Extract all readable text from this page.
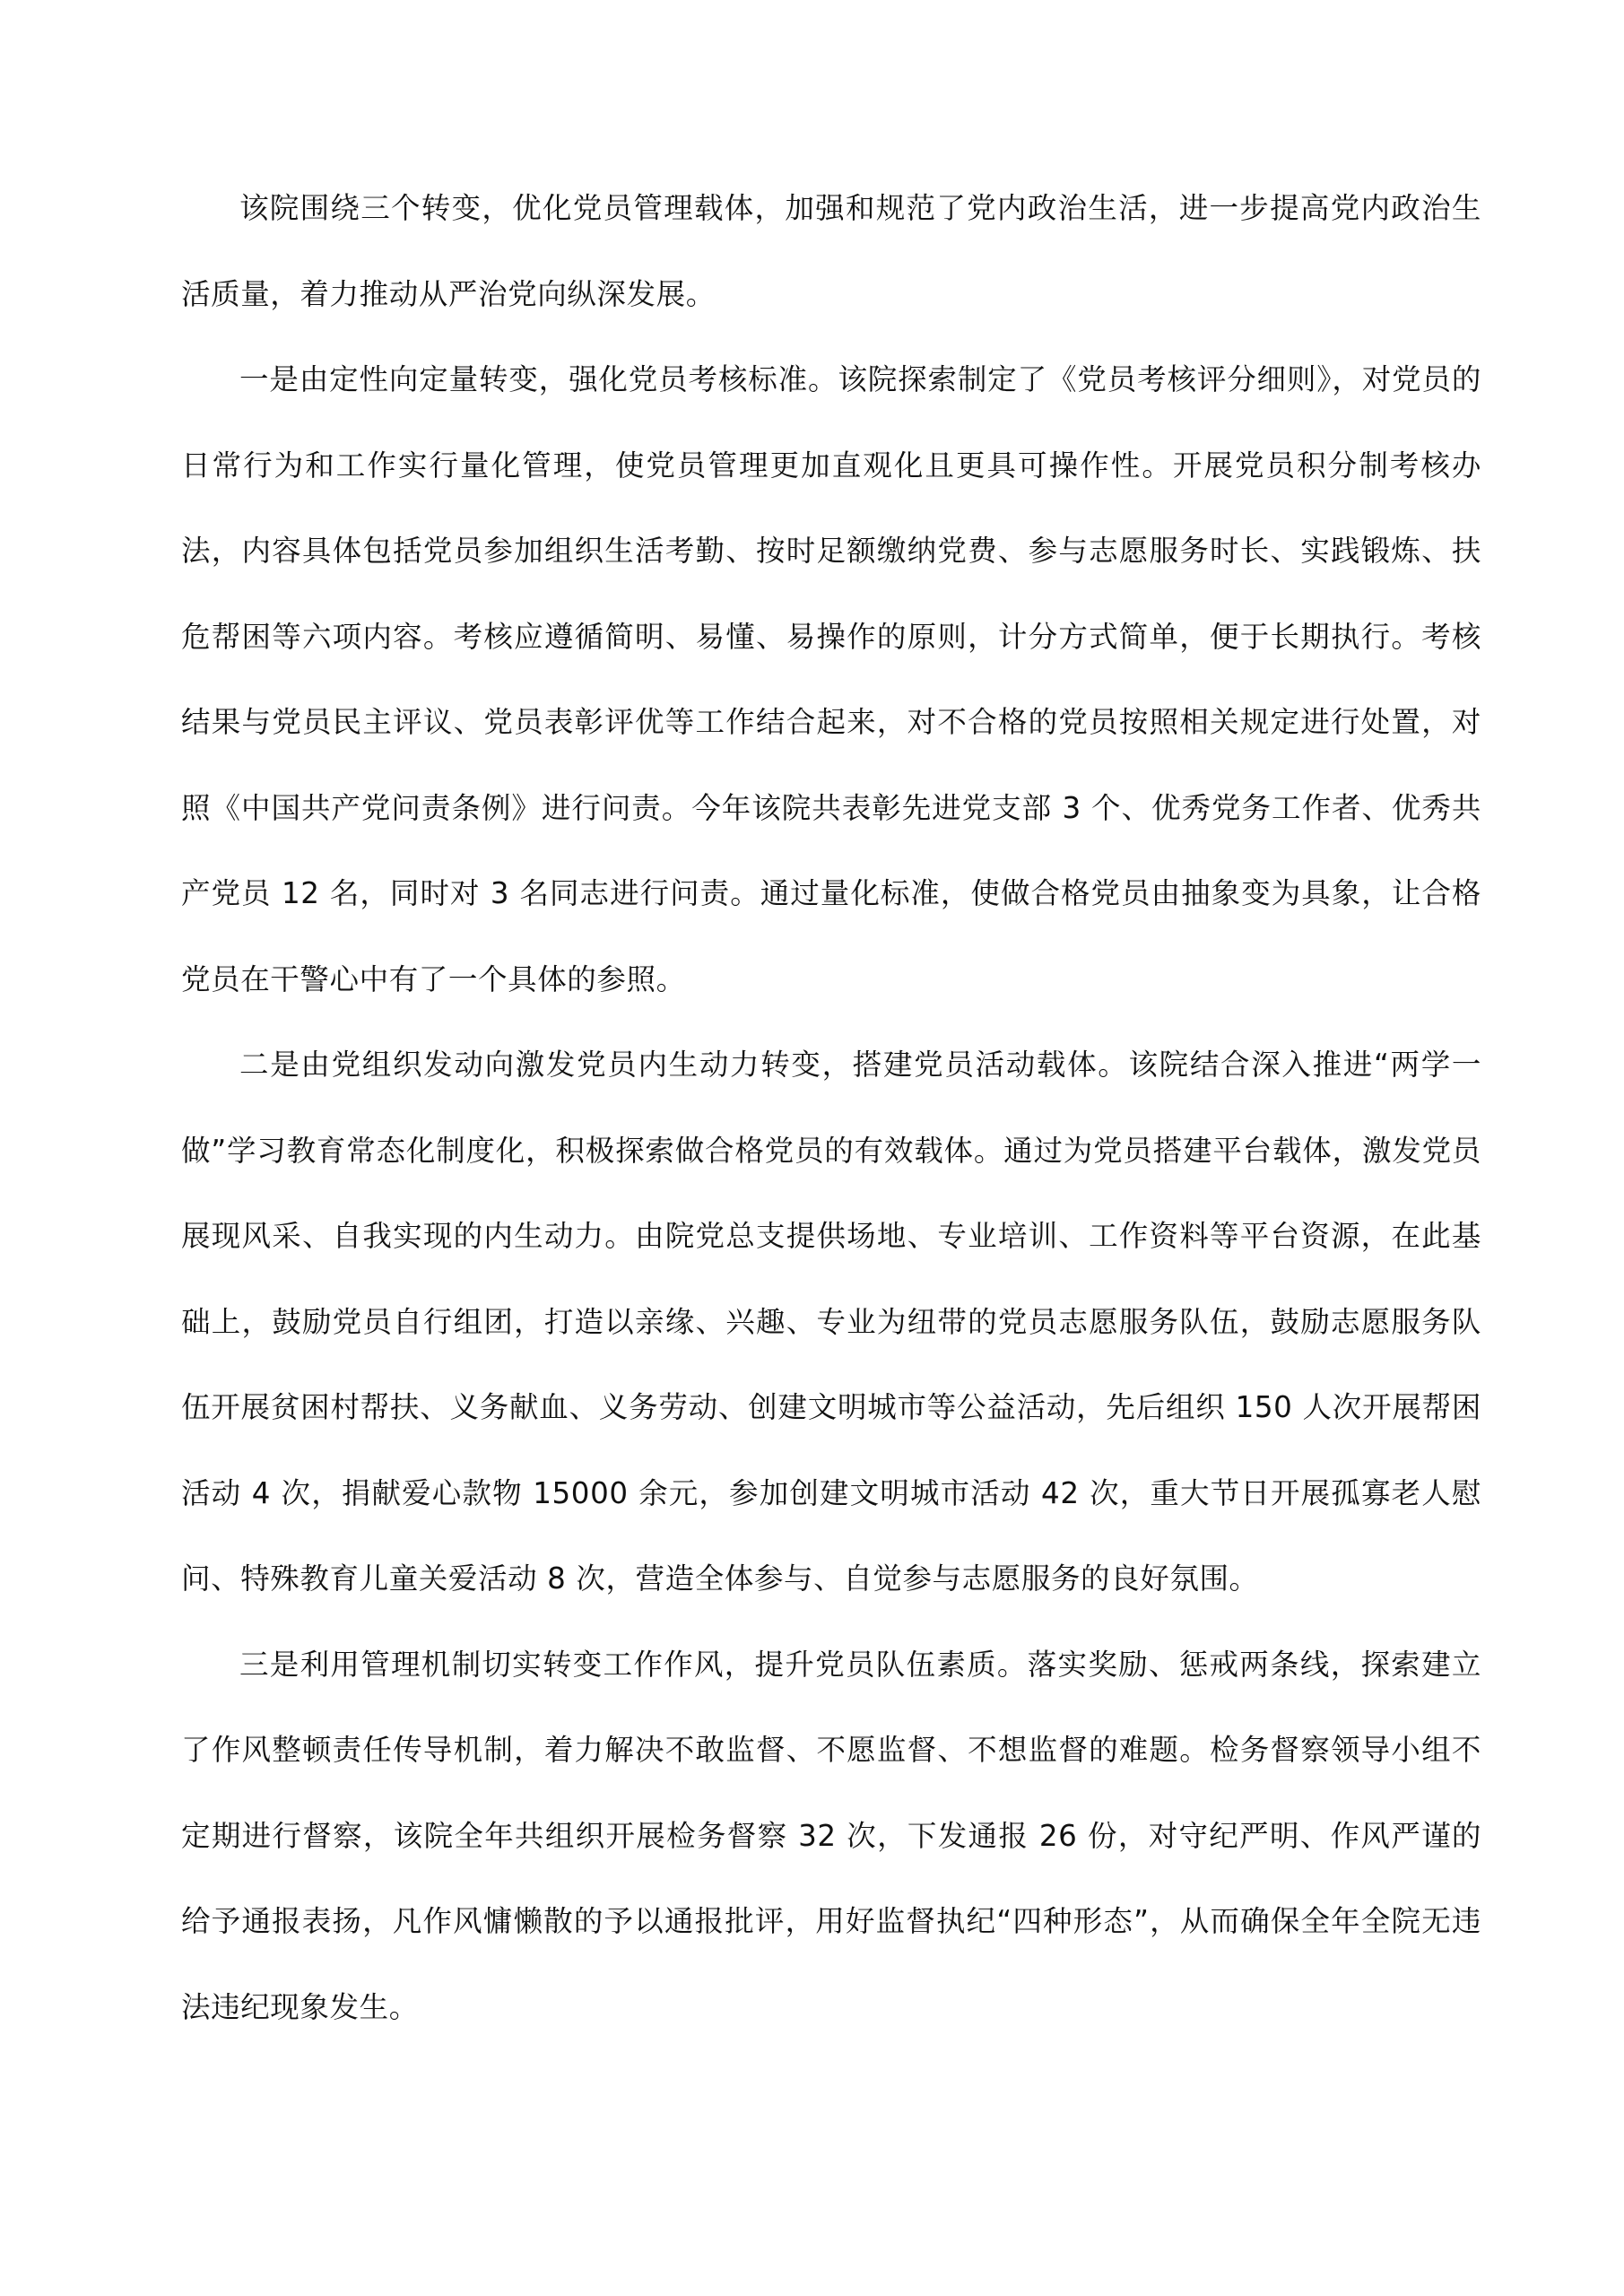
该院围绕三个转变，优化党员管理载体，加强和规范了党内政治生活，进一步提高党内政治生活质量，着力推动从严治党向纵深发展。

一是由定性向定量转变，强化党员考核标准。该院探索制定了《党员考核评分细则》，对党员的日常行为和工作实行量化管理，使党员管理更加直观化且更具可操作性。开展党员积分制考核办法，内容具体包括党员参加组织生活考勤、按时足额缴纳党费、参与志愿服务时长、实践锻炼、扶危帮困等六项内容。考核应遵循简明、易懂、易操作的原则，计分方式简单，便于长期执行。考核结果与党员民主评议、党员表彰评优等工作结合起来，对不合格的党员按照相关规定进行处置，对照《中国共产党问责条例》进行问责。今年该院共表彰先进党支部 3 个、优秀党务工作者、优秀共产党员 12 名，同时对 3 名同志进行问责。通过量化标准，使做合格党员由抽象变为具象，让合格党员在干警心中有了一个具体的参照。

二是由党组织发动向激发党员内生动力转变，搭建党员活动载体。该院结合深入推进“两学一做”学习教育常态化制度化，积极探索做合格党员的有效载体。通过为党员搭建平台载体，激发党员展现风采、自我实现的内生动力。由院党总支提供场地、专业培训、工作资料等平台资源，在此基础上，鼓励党员自行组团，打造以亲缘、兴趣、专业为纽带的党员志愿服务队伍，鼓励志愿服务队伍开展贫困村帮扶、义务献血、义务劳动、创建文明城市等公益活动，先后组织 150 人次开展帮困活动 4 次，捐献爱心款物 15000 余元，参加创建文明城市活动 42 次，重大节日开展孤寡老人慰问、特殊教育儿童关爱活动 8 次，营造全体参与、自觉参与志愿服务的良好氛围。

三是利用管理机制切实转变工作作风，提升党员队伍素质。落实奖励、惩戒两条线，探索建立了作风整顿责任传导机制，着力解决不敢监督、不愿监督、不想监督的难题。检务督察领导小组不定期进行督察，该院全年共组织开展检务督察 32 次，下发通报 26 份，对守纪严明、作风严谨的给予通报表扬，凡作风慵懒散的予以通报批评，用好监督执纪“四种形态”，从而确保全年全院无违法违纪现象发生。
